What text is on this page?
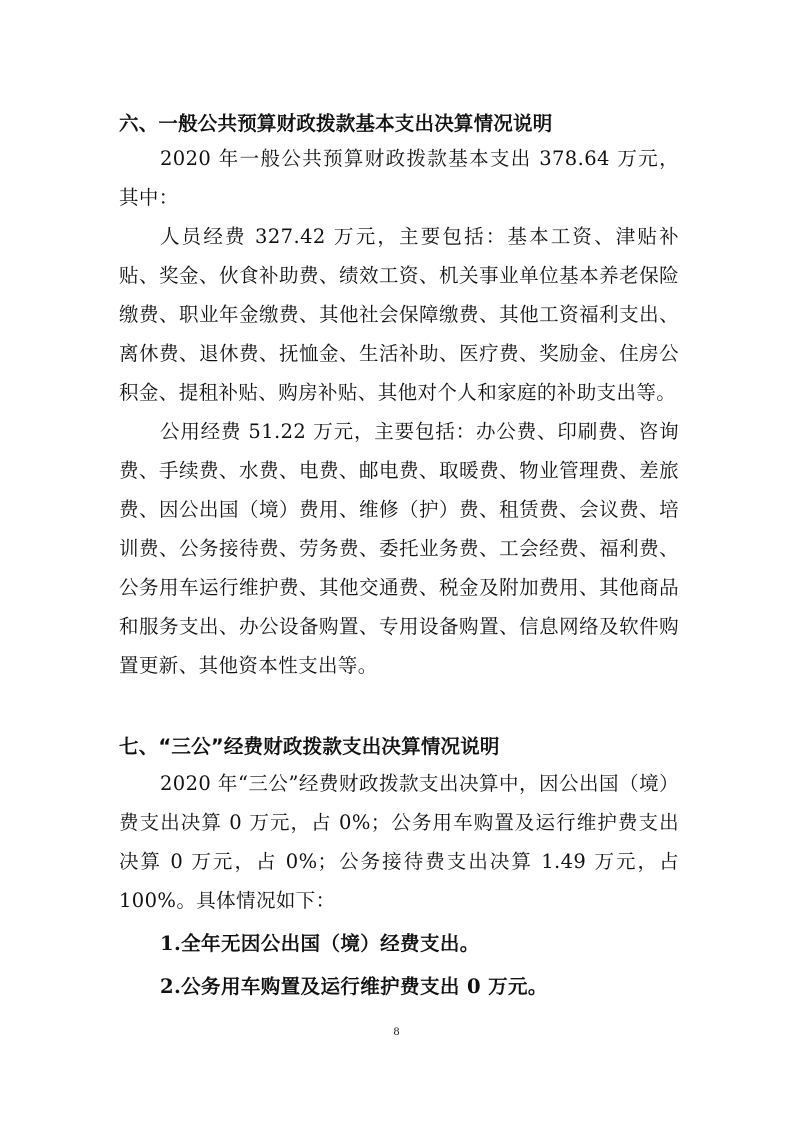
六、一般公共预算财政拨款基本支出决算情况说明

2020 年一般公共预算财政拨款基本支出 378.64 万元，其中：

人员经费 327.42 万元，主要包括：基本工资、津贴补贴、奖金、伙食补助费、绩效工资、机关事业单位基本养老保险缴费、职业年金缴费、其他社会保障缴费、其他工资福利支出、离休费、退休费、抚恤金、生活补助、医疗费、奖励金、住房公积金、提租补贴、购房补贴、其他对个人和家庭的补助支出等。

公用经费 51.22 万元，主要包括：办公费、印刷费、咨询费、手续费、水费、电费、邮电费、取暖费、物业管理费、差旅费、因公出国（境）费用、维修（护）费、租赁费、会议费、培训费、公务接待费、劳务费、委托业务费、工会经费、福利费、公务用车运行维护费、其他交通费、税金及附加费用、其他商品和服务支出、办公设备购置、专用设备购置、信息网络及软件购置更新、其他资本性支出等。

七、“三公”经费财政拨款支出决算情况说明

2020 年“三公”经费财政拨款支出决算中，因公出国（境）费支出决算 0 万元，占 0%；公务用车购置及运行维护费支出决算 0 万元，占 0%；公务接待费支出决算 1.49 万元，占 100%。具体情况如下：

1.全年无因公出国（境）经费支出。

2.公务用车购置及运行维护费支出 0 万元。

8
